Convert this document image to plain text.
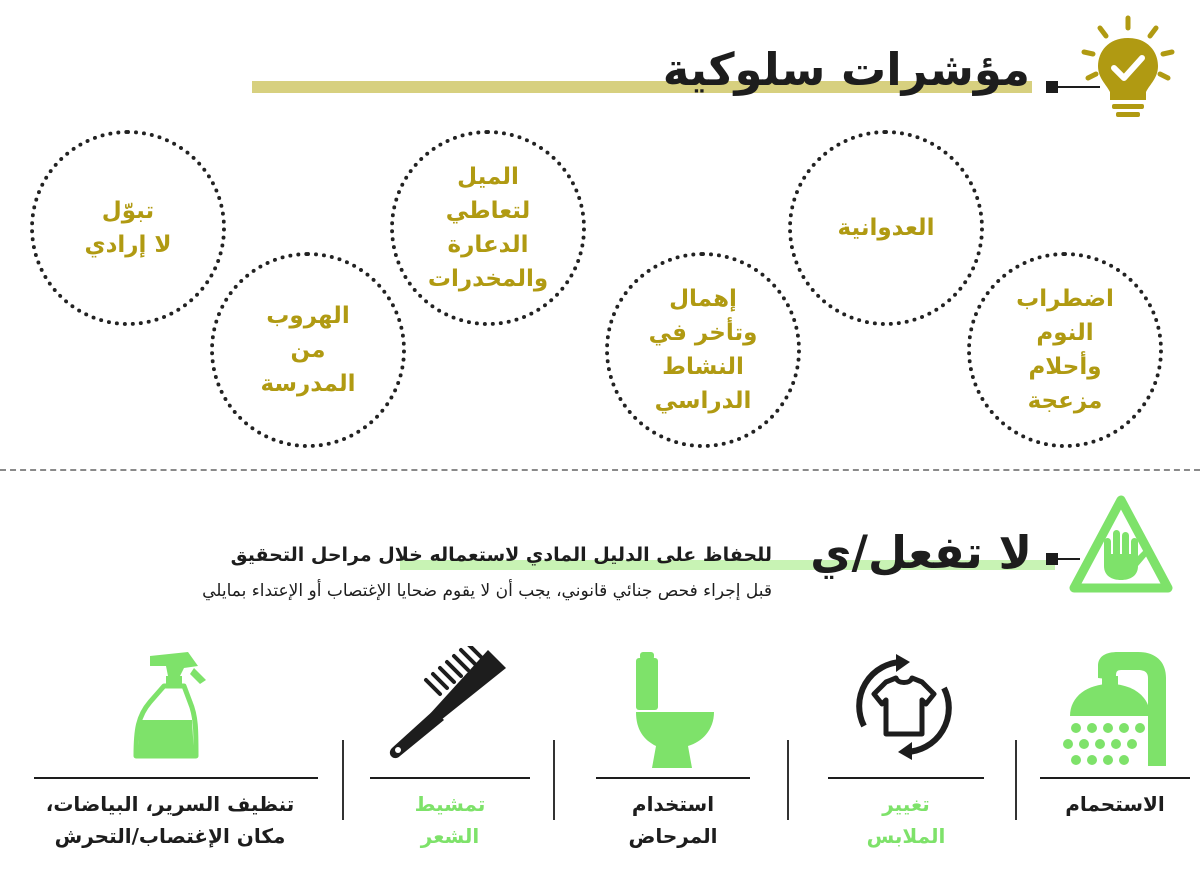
مؤشرات سلوكية
اضطراب
النوم
وأحلام
مزعجة
العدوانية
إهمال
وتأخر في
النشاط
الدراسي
الميل
لتعاطي
الدعارة
والمخدرات
الهروب
من
المدرسة
تبوّل
لا إرادي
لا تفعل/ي
للحفاظ على الدليل المادي لاستعماله خلال مراحل التحقيق
قبل إجراء فحص جنائي قانوني، يجب أن لا يقوم ضحايا الإغتصاب أو الإعتداء بمايلي
الاستحمام
تغيير
الملابس
استخدام
المرحاض
تمشيط
الشعر
تنظيف السرير، البياضات،
مكان الإغتصاب/التحرش
